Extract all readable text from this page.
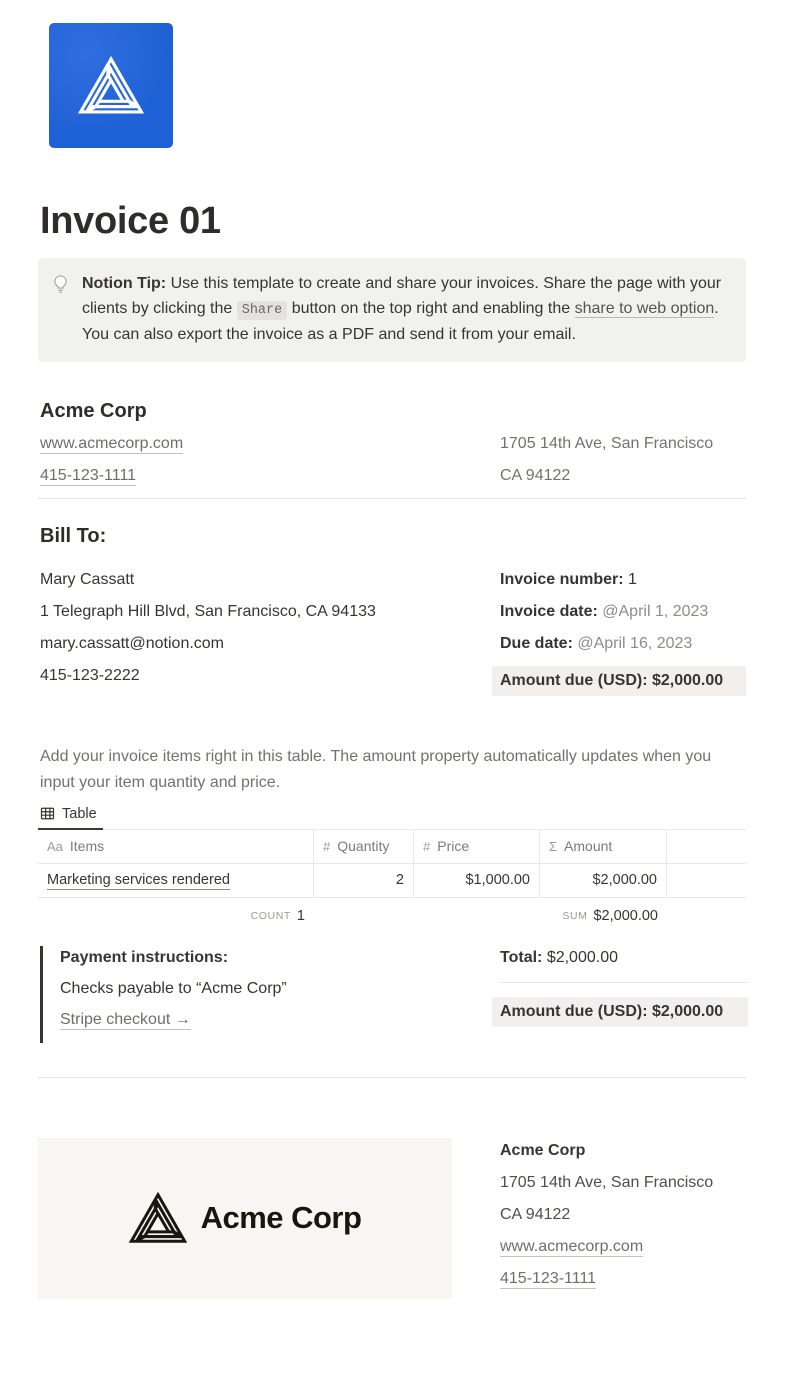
Invoice 01
Notion Tip: Use this template to create and share your invoices. Share the page with your clients by clicking the Share button on the top right and enabling the share to web option. You can also export the invoice as a PDF and send it from your email.
Acme Corp
www.acmecorp.com
415-123-1111
1705 14th Ave, San Francisco
CA 94122
Bill To:
Mary Cassatt
1 Telegraph Hill Blvd, San Francisco, CA 94133
mary.cassatt@notion.com
415-123-2222
Invoice number: 1
Invoice date: @April 1, 2023
Due date: @April 16, 2023
Amount due (USD): $2,000.00

Add your invoice items right in this table. The amount property automatically updates when you input your item quantity and price.

Table
Aa Items	# Quantity	# Price	Σ Amount
Marketing services rendered	2	$1,000.00	$2,000.00
COUNT 1	SUM $2,000.00
Payment instructions:
Checks payable to “Acme Corp”
Stripe checkout →
Total: $2,000.00
Amount due (USD): $2,000.00
Acme Corp
Acme Corp
1705 14th Ave, San Francisco
CA 94122
www.acmecorp.com
415-123-1111
